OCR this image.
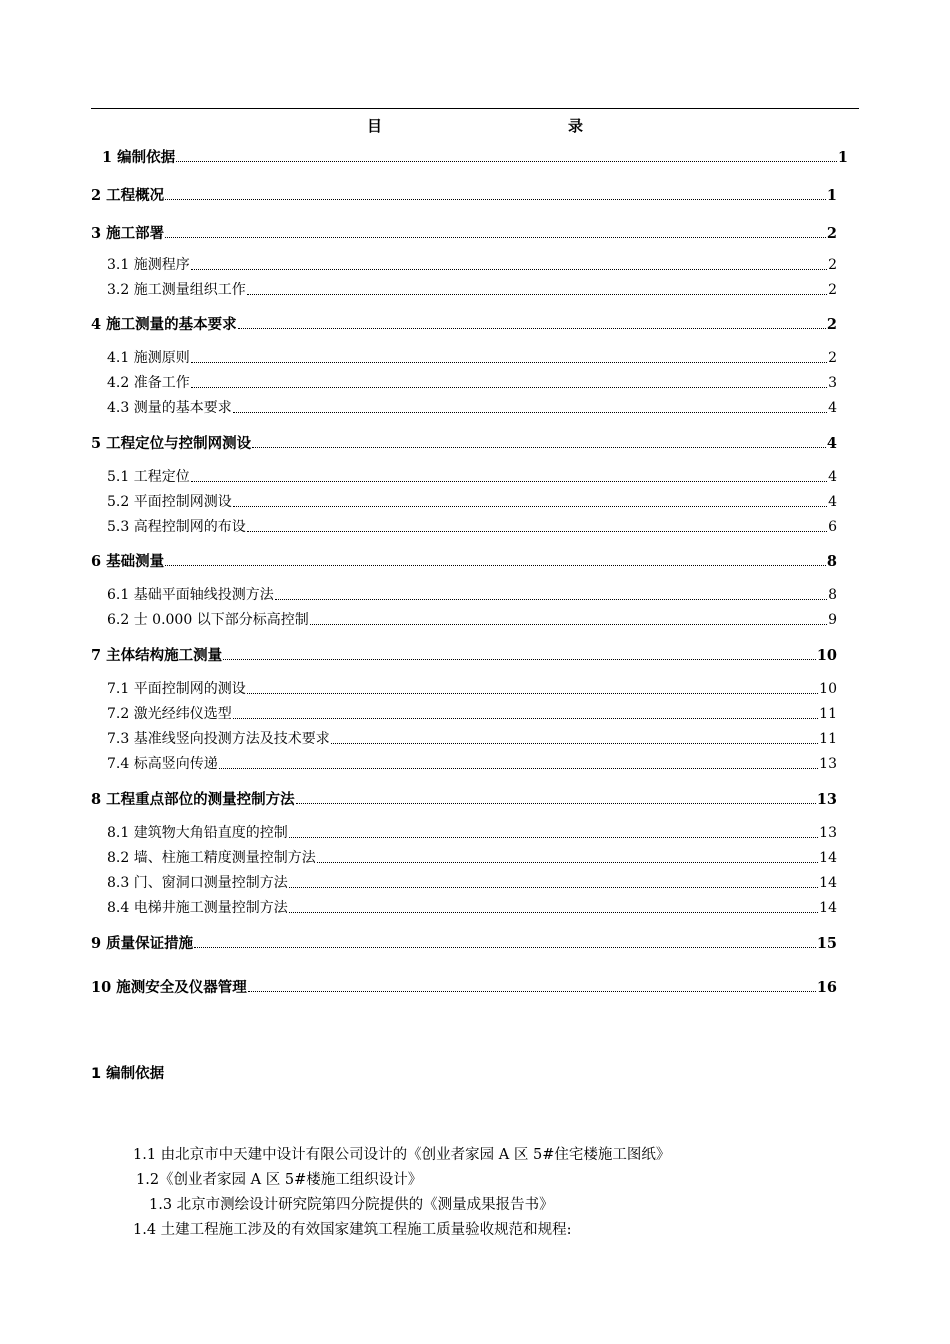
目	录
1 编制依据	1
2 工程概况	1
3 施工部署	2
3.1 施测程序	2
3.2 施工测量组织工作	2
4 施工测量的基本要求	2
4.1 施测原则	2
4.2 准备工作	3
4.3 测量的基本要求	4
5 工程定位与控制网测设	4
5.1 工程定位	4
5.2 平面控制网测设	4
5.3 高程控制网的布设	6
6 基础测量	8
6.1 基础平面轴线投测方法	8
6.2 士 0.000 以下部分标高控制	9
7 主体结构施工测量	10
7.1 平面控制网的测设	10
7.2 激光经纬仪选型	11
7.3 基准线竖向投测方法及技术要求	11
7.4 标高竖向传递	13
8 工程重点部位的测量控制方法	13
8.1 建筑物大角铅直度的控制	13
8.2 墙、柱施工精度测量控制方法	14
8.3 门、窗洞口测量控制方法	14
8.4 电梯井施工测量控制方法	14
9 质量保证措施	15
10 施测安全及仪器管理	16
1 编制依据
1.1 由北京市中天建中设计有限公司设计的《创业者家园 A 区 5#住宅楼施工图纸》
1.2《创业者家园 A 区 5#楼施工组织设计》
1.3 北京市测绘设计研究院第四分院提供的《测量成果报告书》
1.4 土建工程施工涉及的有效国家建筑工程施工质量验收规范和规程:
